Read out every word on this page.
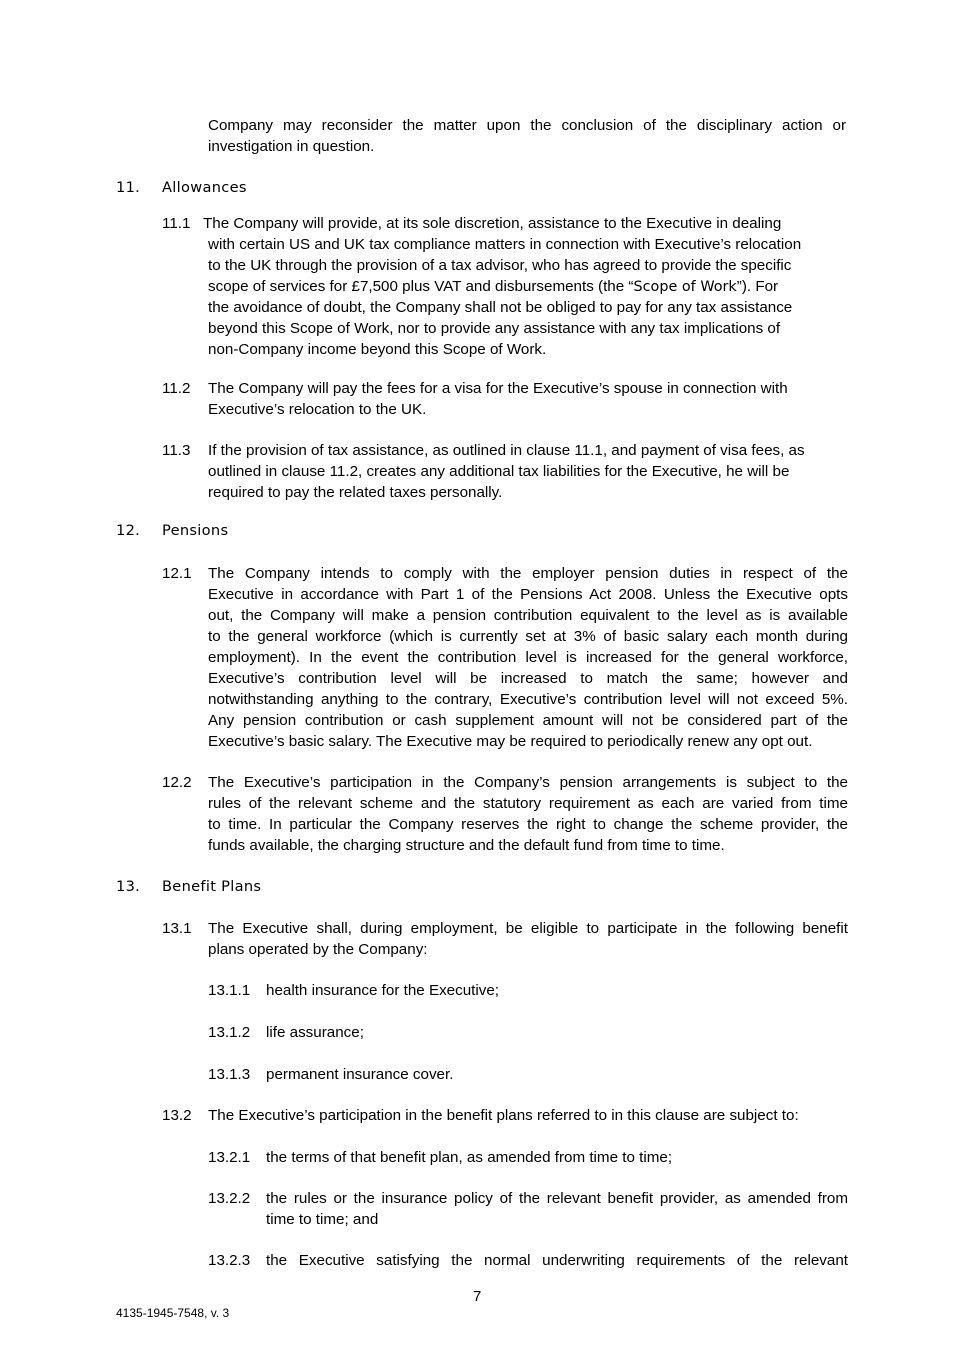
Company may reconsider the matter upon the conclusion of the disciplinary action or
investigation in question.
11. Allowances
11.1 The Company will provide, at its sole discretion, assistance to the Executive in dealing
with certain US and UK tax compliance matters in connection with Executive’s relocation
to the UK through the provision of a tax advisor, who has agreed to provide the specific
scope of services for £7,500 plus VAT and disbursements (the “Scope of Work”). For
the avoidance of doubt, the Company shall not be obliged to pay for any tax assistance
beyond this Scope of Work, nor to provide any assistance with any tax implications of
non-Company income beyond this Scope of Work.
11.2 The Company will pay the fees for a visa for the Executive’s spouse in connection with
Executive’s relocation to the UK.
11.3 If the provision of tax assistance, as outlined in clause 11.1, and payment of visa fees, as
outlined in clause 11.2, creates any additional tax liabilities for the Executive, he will be
required to pay the related taxes personally.
12. Pensions
12.1 The Company intends to comply with the employer pension duties in respect of the
Executive in accordance with Part 1 of the Pensions Act 2008. Unless the Executive opts
out, the Company will make a pension contribution equivalent to the level as is available
to the general workforce (which is currently set at 3% of basic salary each month during
employment). In the event the contribution level is increased for the general workforce,
Executive’s contribution level will be increased to match the same; however and
notwithstanding anything to the contrary, Executive’s contribution level will not exceed 5%.
Any pension contribution or cash supplement amount will not be considered part of the
Executive’s basic salary. The Executive may be required to periodically renew any opt out.
12.2 The Executive’s participation in the Company’s pension arrangements is subject to the
rules of the relevant scheme and the statutory requirement as each are varied from time
to time. In particular the Company reserves the right to change the scheme provider, the
funds available, the charging structure and the default fund from time to time.
13. Benefit Plans
13.1 The Executive shall, during employment, be eligible to participate in the following benefit
plans operated by the Company:
13.1.1 health insurance for the Executive;
13.1.2 life assurance;
13.1.3 permanent insurance cover.
13.2 The Executive’s participation in the benefit plans referred to in this clause are subject to:
13.2.1 the terms of that benefit plan, as amended from time to time;
13.2.2 the rules or the insurance policy of the relevant benefit provider, as amended from
time to time; and
13.2.3 the Executive satisfying the normal underwriting requirements of the relevant
7
4135-1945-7548, v. 3
